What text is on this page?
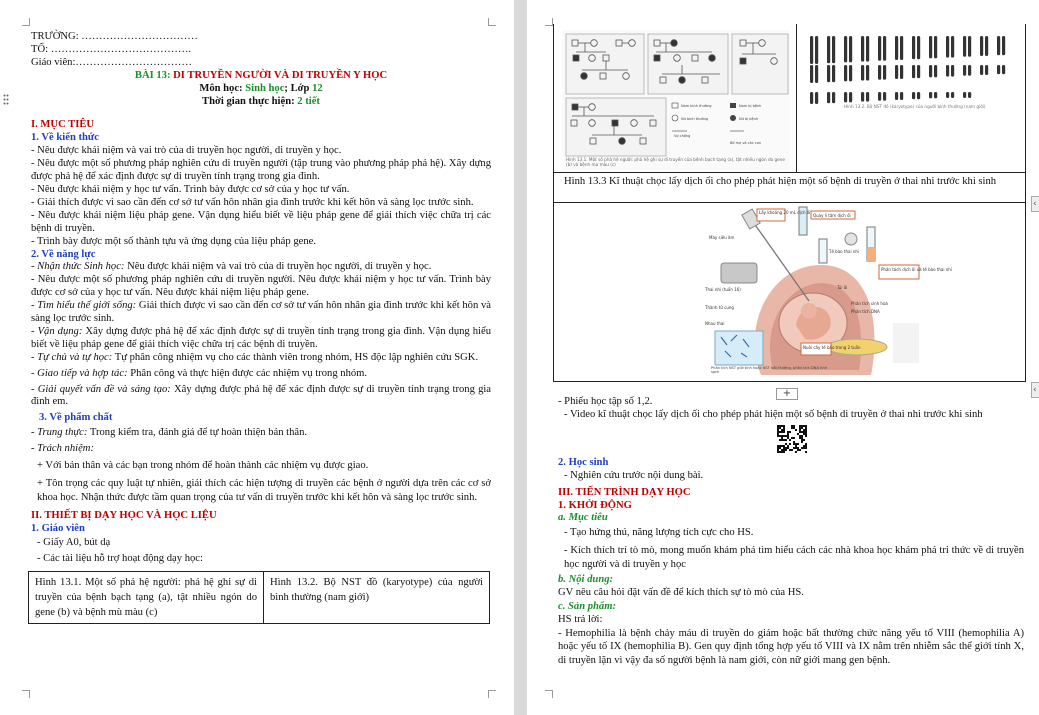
TRƯỜNG: ……………………………
TỔ: ………………………………….
Giáo viên:……………………………
BÀI 13: DI TRUYỀN NGƯỜI VÀ DI TRUYỀN Y HỌC
Môn học: Sinh học; Lớp 12
Thời gian thực hiện: 2 tiết
I. MỤC TIÊU
1. Về kiến thức
- Nêu được khái niệm và vai trò của di truyền học người, di truyền y học.
- Nêu được một số phương pháp nghiên cứu di truyền người (tập trung vào phương pháp phả hệ). Xây dựng được phả hệ để xác định được sự di truyền tính trạng trong gia đình.
- Nêu được khái niệm y học tư vấn. Trình bày được cơ sở của y học tư vấn.
- Giải thích được vì sao cần đến cơ sở tư vấn hôn nhân gia đình trước khi kết hôn và sàng lọc trước sinh.
- Nêu được khái niệm liệu pháp gene. Vận dụng hiểu biết về liệu pháp gene để giải thích việc chữa trị các bệnh di truyền.
- Trình bày được một số thành tựu và ứng dụng của liệu pháp gene.
2. Về năng lực
- Nhận thức Sinh học: Nêu được khái niệm và vai trò của di truyền học người, di truyền y học.
- Nêu được một số phương pháp nghiên cứu di truyền người. Nêu được khái niệm y học tư vấn. Trình bày được cơ sở của y học tư vấn. Nêu được khái niệm liệu pháp gene.
- Tìm hiểu thế giới sống: Giải thích được vì sao cần đến cơ sở tư vấn hôn nhân gia đình trước khi kết hôn và sàng lọc trước sinh.
- Vận dụng: Xây dựng được phả hệ để xác định được sự di truyền tính trạng trong gia đình. Vận dụng hiểu biết về liệu pháp gene để giải thích việc chữa trị các bệnh di truyền.
- Tự chủ và tự học: Tự phân công nhiệm vụ cho các thành viên trong nhóm, HS độc lập nghiên cứu SGK.
- Giao tiếp và hợp tác: Phân công và thực hiện được các nhiệm vụ trong nhóm.
- Giải quyết vấn đề và sáng tạo: Xây dựng được phả hệ để xác định được sự di truyền tính trạng trong gia đình em.
3. Về phẩm chất
- Trung thực: Trong kiểm tra, đánh giá để tự hoàn thiện bản thân.
- Trách nhiệm:
+ Với bản thân và các bạn trong nhóm để hoàn thành các nhiệm vụ được giao.
+ Tôn trọng các quy luật tự nhiên, giải thích các hiện tượng di truyền các bệnh ở người dựa trên các cơ sở khoa học. Nhận thức được tầm quan trọng của tư vấn di truyền trước khi kết hôn và sàng lọc trước sinh.
II. THIẾT BỊ DẠY HỌC VÀ HỌC LIỆU
1. Giáo viên
- Giấy A0, bút dạ
- Các tài liệu hỗ trợ hoạt động dạy học:
Hình 13.1. Một số phả hệ người: phả hệ ghi sự di truyền của bệnh bạch tạng (a), tật nhiều ngón do gene (b) và bệnh mù màu (c)	Hình 13.2. Bộ NST đồ (karyotype) của người bình thường (nam giới)
Nam bình thường	Nam bị bệnh
Nữ bình thường	Nữ bị bệnh
Vợ chồng
Bố mẹ và các con
Hình 13.1. Một số phả hệ người: phả hệ ghi sự di truyền của bệnh bạch tạng (a), tật nhiều ngón do gene (b) và bệnh mù màu (c)
Hình 13.2. Bộ NST đồ (karyotype) của người bình thường (nam giới)
Hình 13.3 Kĩ thuật chọc lấy dịch ối cho phép phát hiện một số bệnh di truyền ở thai nhi trước khi sinh
Lấy khoảng 20 mL dịch ối
Quay li tâm dịch ối
Phân tách dịch ối và tế bào thai nhi
Nuôi cấy tế bào trong 2 tuần
Máy siêu âm
Tế bào thai nhi
Thai nhi (tuần 16)
Thành tử cung
Nhau thai
Túi ối
Phân tích sinh hoá
Phân tích DNA
Phân tích NST giới tính hoặc NST bất thường, phân tích DNA tính sạch
+
- Phiếu học tập số 1,2.
- Video kĩ thuật chọc lấy dịch ối cho phép phát hiện một số bệnh di truyền ở thai nhi trước khi sinh
2. Học sinh
- Nghiên cứu trước nội dung bài.
III. TIẾN TRÌNH DẠY HỌC
1. KHỞI ĐỘNG
a. Mục tiêu
- Tạo hứng thú, năng lượng tích cực cho HS.
- Kích thích trí tò mò, mong muốn khám phá tìm hiểu cách các nhà khoa học khám phá tri thức về di truyền học người và di truyền y học
b. Nội dung:
GV nêu câu hỏi đặt vấn đề để kích thích sự tò mò của HS.
c. Sản phẩm:
HS trả lời:
- Hemophilia là bệnh chảy máu di truyền do giảm hoặc bất thường chức năng yếu tố VIII (hemophilia A) hoặc yếu tố IX (hemophilia B). Gen quy định tổng hợp yếu tố VIII và IX nằm trên nhiễm sắc thể giới tính X, di truyền lặn vì vậy đa số người bệnh là nam giới, còn nữ giới mang gen bệnh.
‹
‹
